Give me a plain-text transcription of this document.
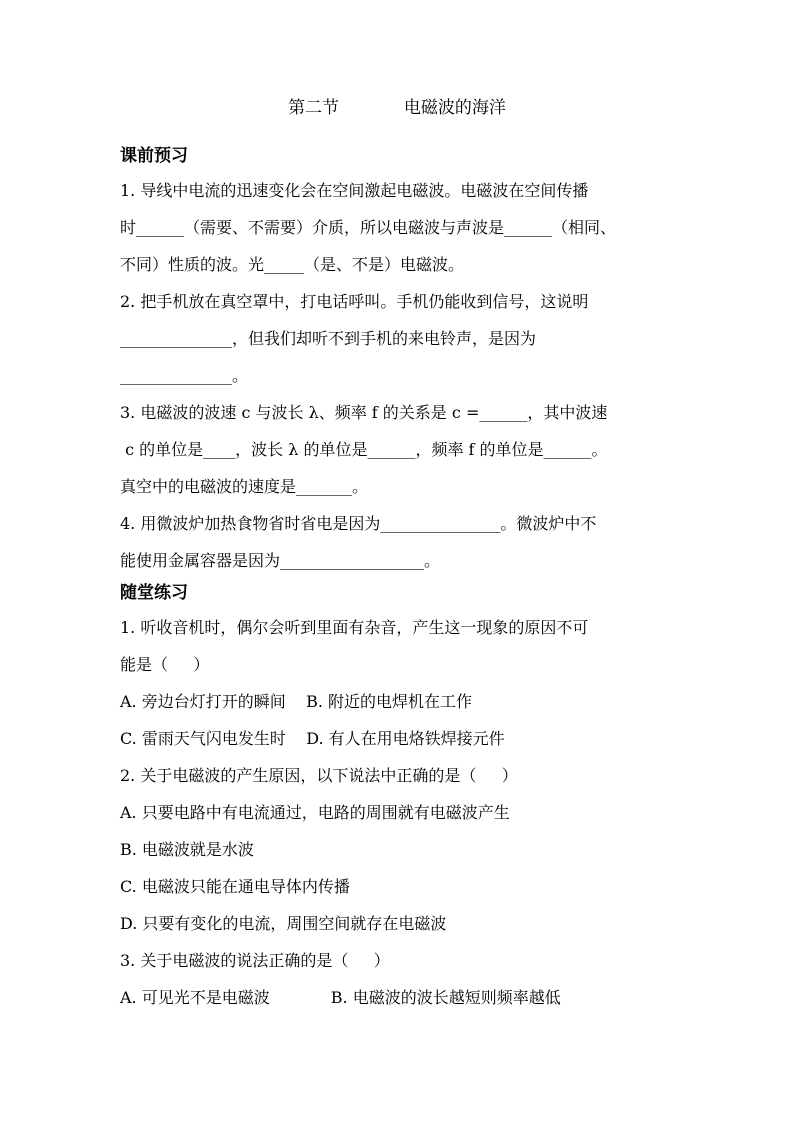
第二节            电磁波的海洋
课前预习
1. 导线中电流的迅速变化会在空间激起电磁波。电磁波在空间传播
时______（需要、不需要）介质，所以电磁波与声波是______（相同、
不同）性质的波。光_____（是、不是）电磁波。
2. 把手机放在真空罩中，打电话呼叫。手机仍能收到信号，这说明
______________，但我们却听不到手机的来电铃声，是因为
______________。
3. 电磁波的波速 c 与波长 λ、频率 f 的关系是 c =______，其中波速
c 的单位是____，波长 λ 的单位是______，频率 f 的单位是______。
真空中的电磁波的速度是_______。
4. 用微波炉加热食物省时省电是因为_______________。微波炉中不
能使用金属容器是因为__________________。
随堂练习
1. 听收音机时，偶尔会听到里面有杂音，产生这一现象的原因不可
能是（     ）
A. 旁边台灯打开的瞬间    B. 附近的电焊机在工作
C. 雷雨天气闪电发生时    D. 有人在用电烙铁焊接元件
2. 关于电磁波的产生原因，以下说法中正确的是（     ）
A. 只要电路中有电流通过，电路的周围就有电磁波产生
B. 电磁波就是水波
C. 电磁波只能在通电导体内传播
D. 只要有变化的电流，周围空间就存在电磁波
3. 关于电磁波的说法正确的是（     ）
A. 可见光不是电磁波            B. 电磁波的波长越短则频率越低
